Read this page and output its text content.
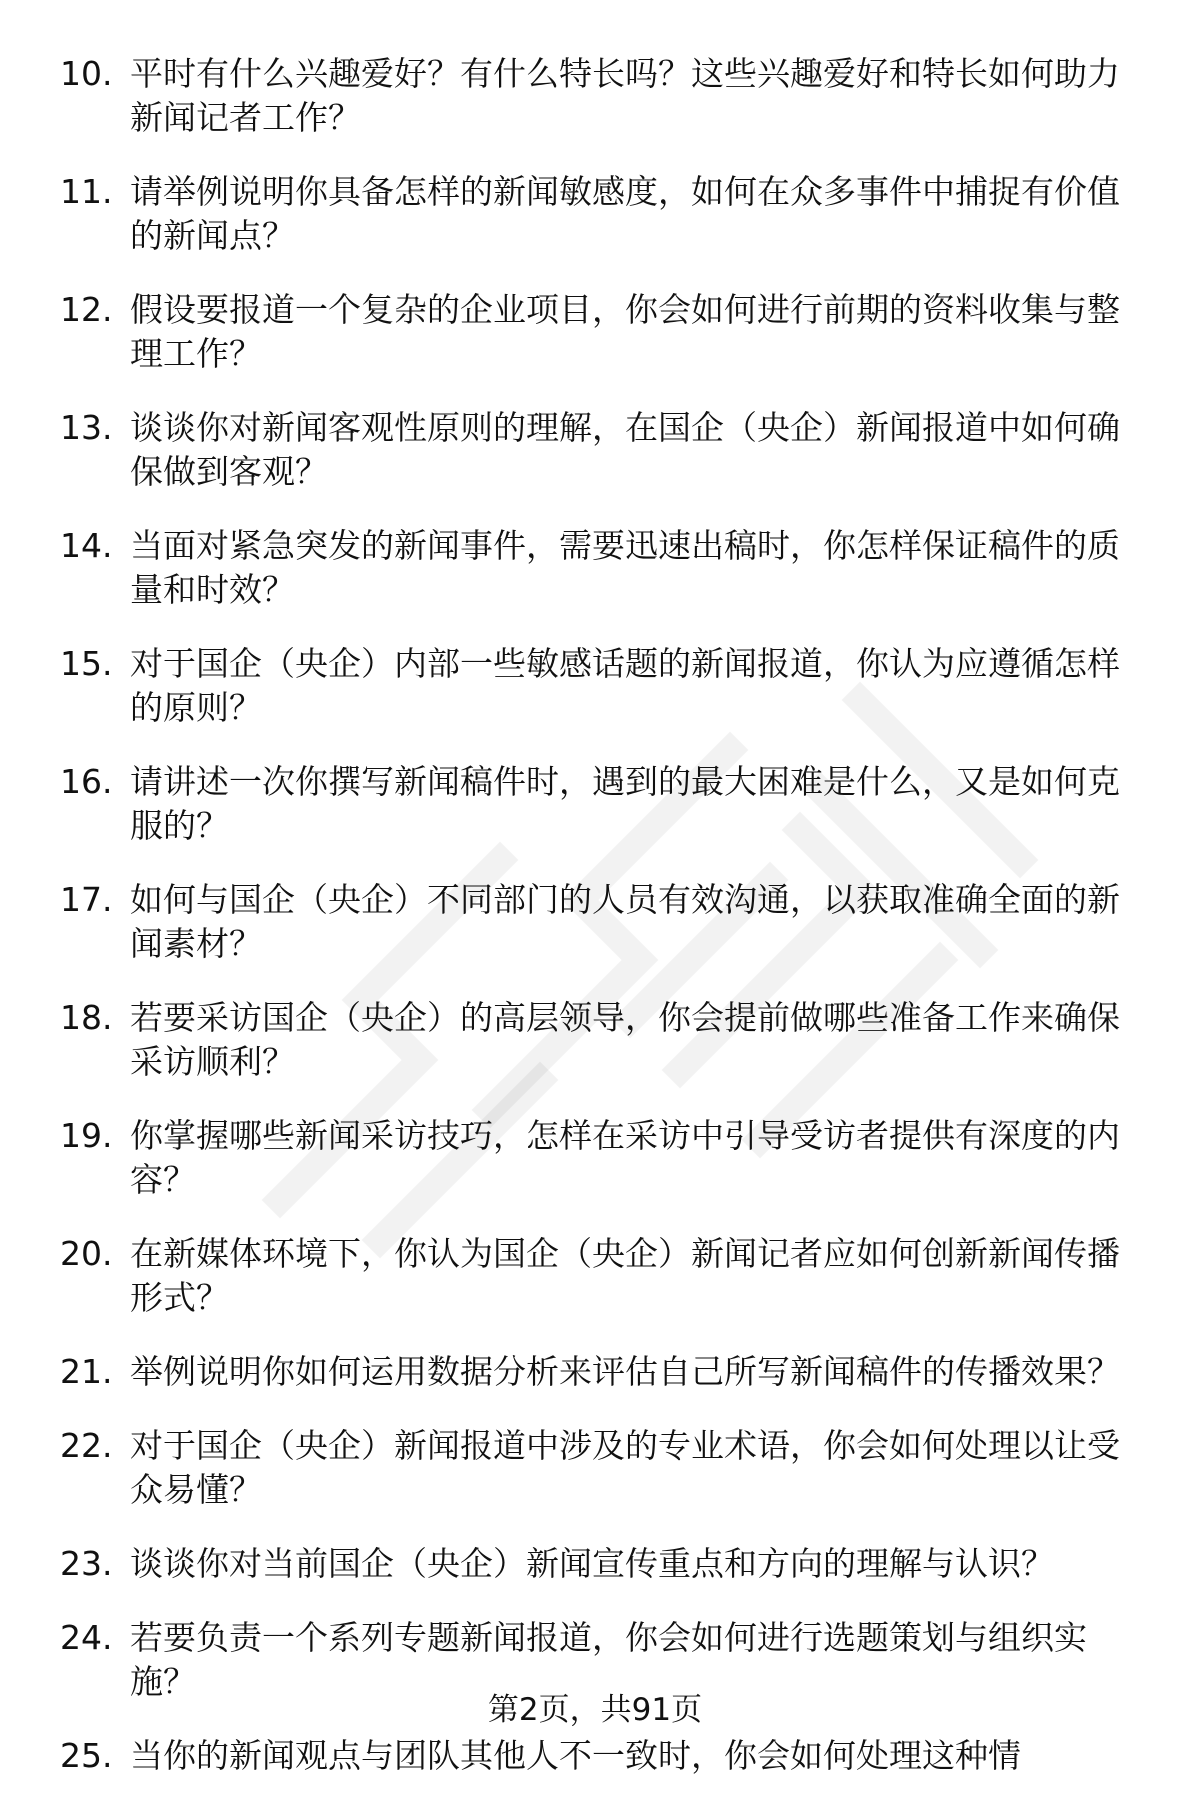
10. 平时有什么兴趣爱好？有什么特长吗？这些兴趣爱好和特长如何助力新闻记者工作？
11. 请举例说明你具备怎样的新闻敏感度，如何在众多事件中捕捉有价值的新闻点？
12. 假设要报道一个复杂的企业项目，你会如何进行前期的资料收集与整理工作？
13. 谈谈你对新闻客观性原则的理解，在国企（央企）新闻报道中如何确保做到客观？
14. 当面对紧急突发的新闻事件，需要迅速出稿时，你怎样保证稿件的质量和时效？
15. 对于国企（央企）内部一些敏感话题的新闻报道，你认为应遵循怎样的原则？
16. 请讲述一次你撰写新闻稿件时，遇到的最大困难是什么，又是如何克服的？
17. 如何与国企（央企）不同部门的人员有效沟通，以获取准确全面的新闻素材？
18. 若要采访国企（央企）的高层领导，你会提前做哪些准备工作来确保采访顺利？
19. 你掌握哪些新闻采访技巧，怎样在采访中引导受访者提供有深度的内容？
20. 在新媒体环境下，你认为国企（央企）新闻记者应如何创新新闻传播形式？
21. 举例说明你如何运用数据分析来评估自己所写新闻稿件的传播效果？
22. 对于国企（央企）新闻报道中涉及的专业术语，你会如何处理以让受众易懂？
23. 谈谈你对当前国企（央企）新闻宣传重点和方向的理解与认识？
24. 若要负责一个系列专题新闻报道，你会如何进行选题策划与组织实施？
25. 当你的新闻观点与团队其他人不一致时，你会如何处理这种情
第2页，共91页
